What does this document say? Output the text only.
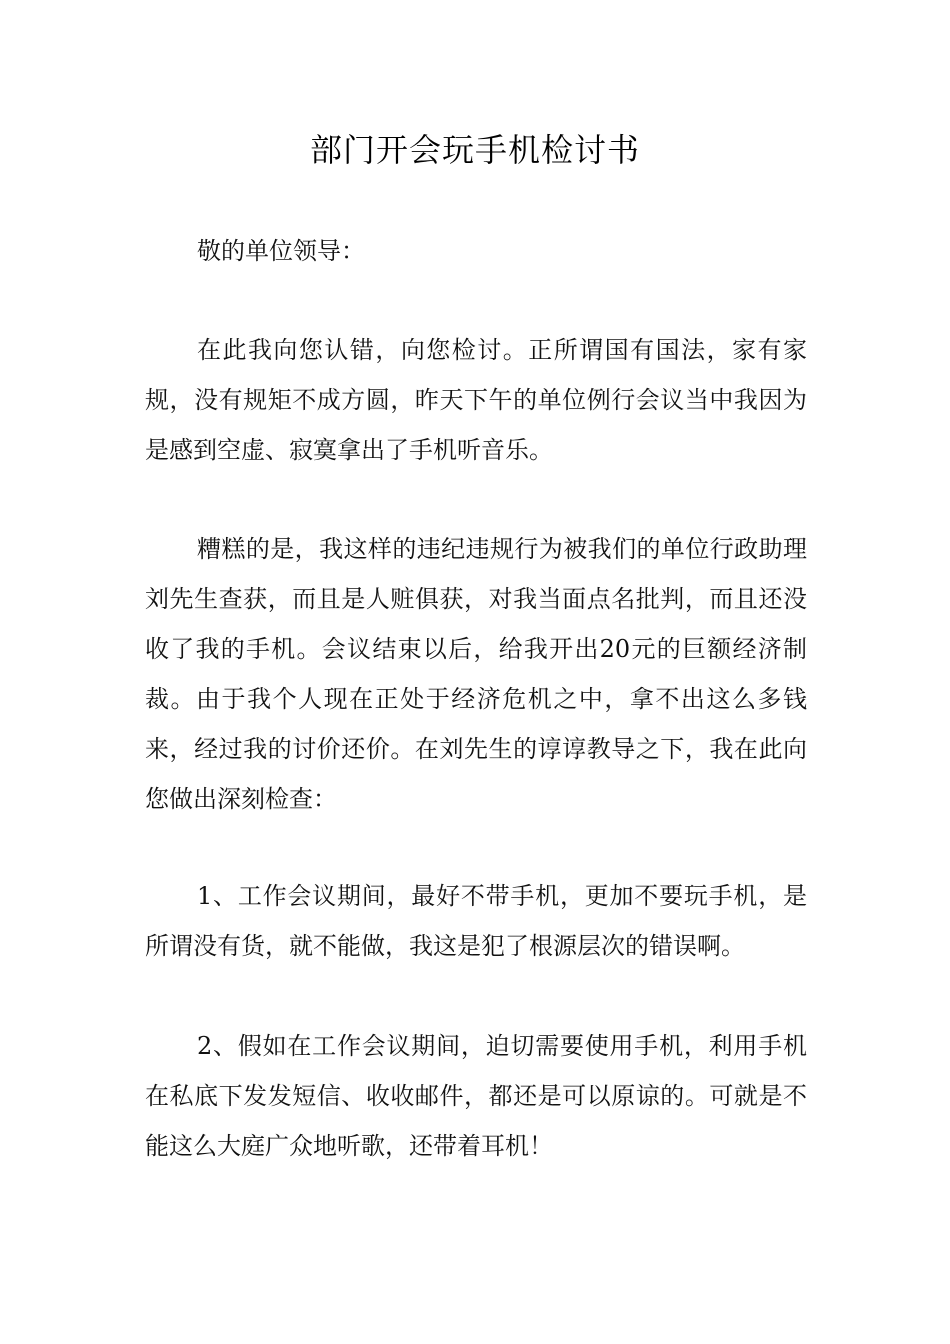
部门开会玩手机检讨书

敬的单位领导：

在此我向您认错，向您检讨。正所谓国有国法，家有家规，没有规矩不成方圆，昨天下午的单位例行会议当中我因为是感到空虚、寂寞拿出了手机听音乐。

糟糕的是，我这样的违纪违规行为被我们的单位行政助理刘先生查获，而且是人赃俱获，对我当面点名批判，而且还没收了我的手机。会议结束以后，给我开出20元的巨额经济制裁。由于我个人现在正处于经济危机之中，拿不出这么多钱来，经过我的讨价还价。在刘先生的谆谆教导之下，我在此向您做出深刻检查：

1、工作会议期间，最好不带手机，更加不要玩手机，是所谓没有货，就不能做，我这是犯了根源层次的错误啊。

2、假如在工作会议期间，迫切需要使用手机，利用手机在私底下发发短信、收收邮件，都还是可以原谅的。可就是不能这么大庭广众地听歌，还带着耳机！
